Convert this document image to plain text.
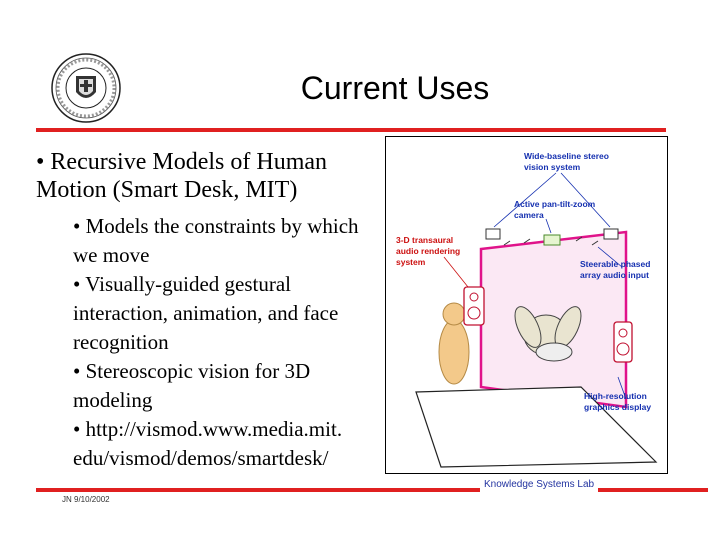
Current Uses

• Recursive Models of Human Motion (Smart Desk, MIT)

• Models the constraints by which we move

• Visually-guided gestural interaction, animation, and face recognition

• Stereoscopic vision for 3D modeling

• http://vismod.www.media.mit. edu/vismod/demos/smartdesk/

Wide-baseline stereo
vision system
Active pan-tilt-zoom
camera
3-D transaural
audio rendering
system	Steerable phased
array audio input
High-resolution
graphics display
Knowledge Systems Lab
JN 9/10/2002
